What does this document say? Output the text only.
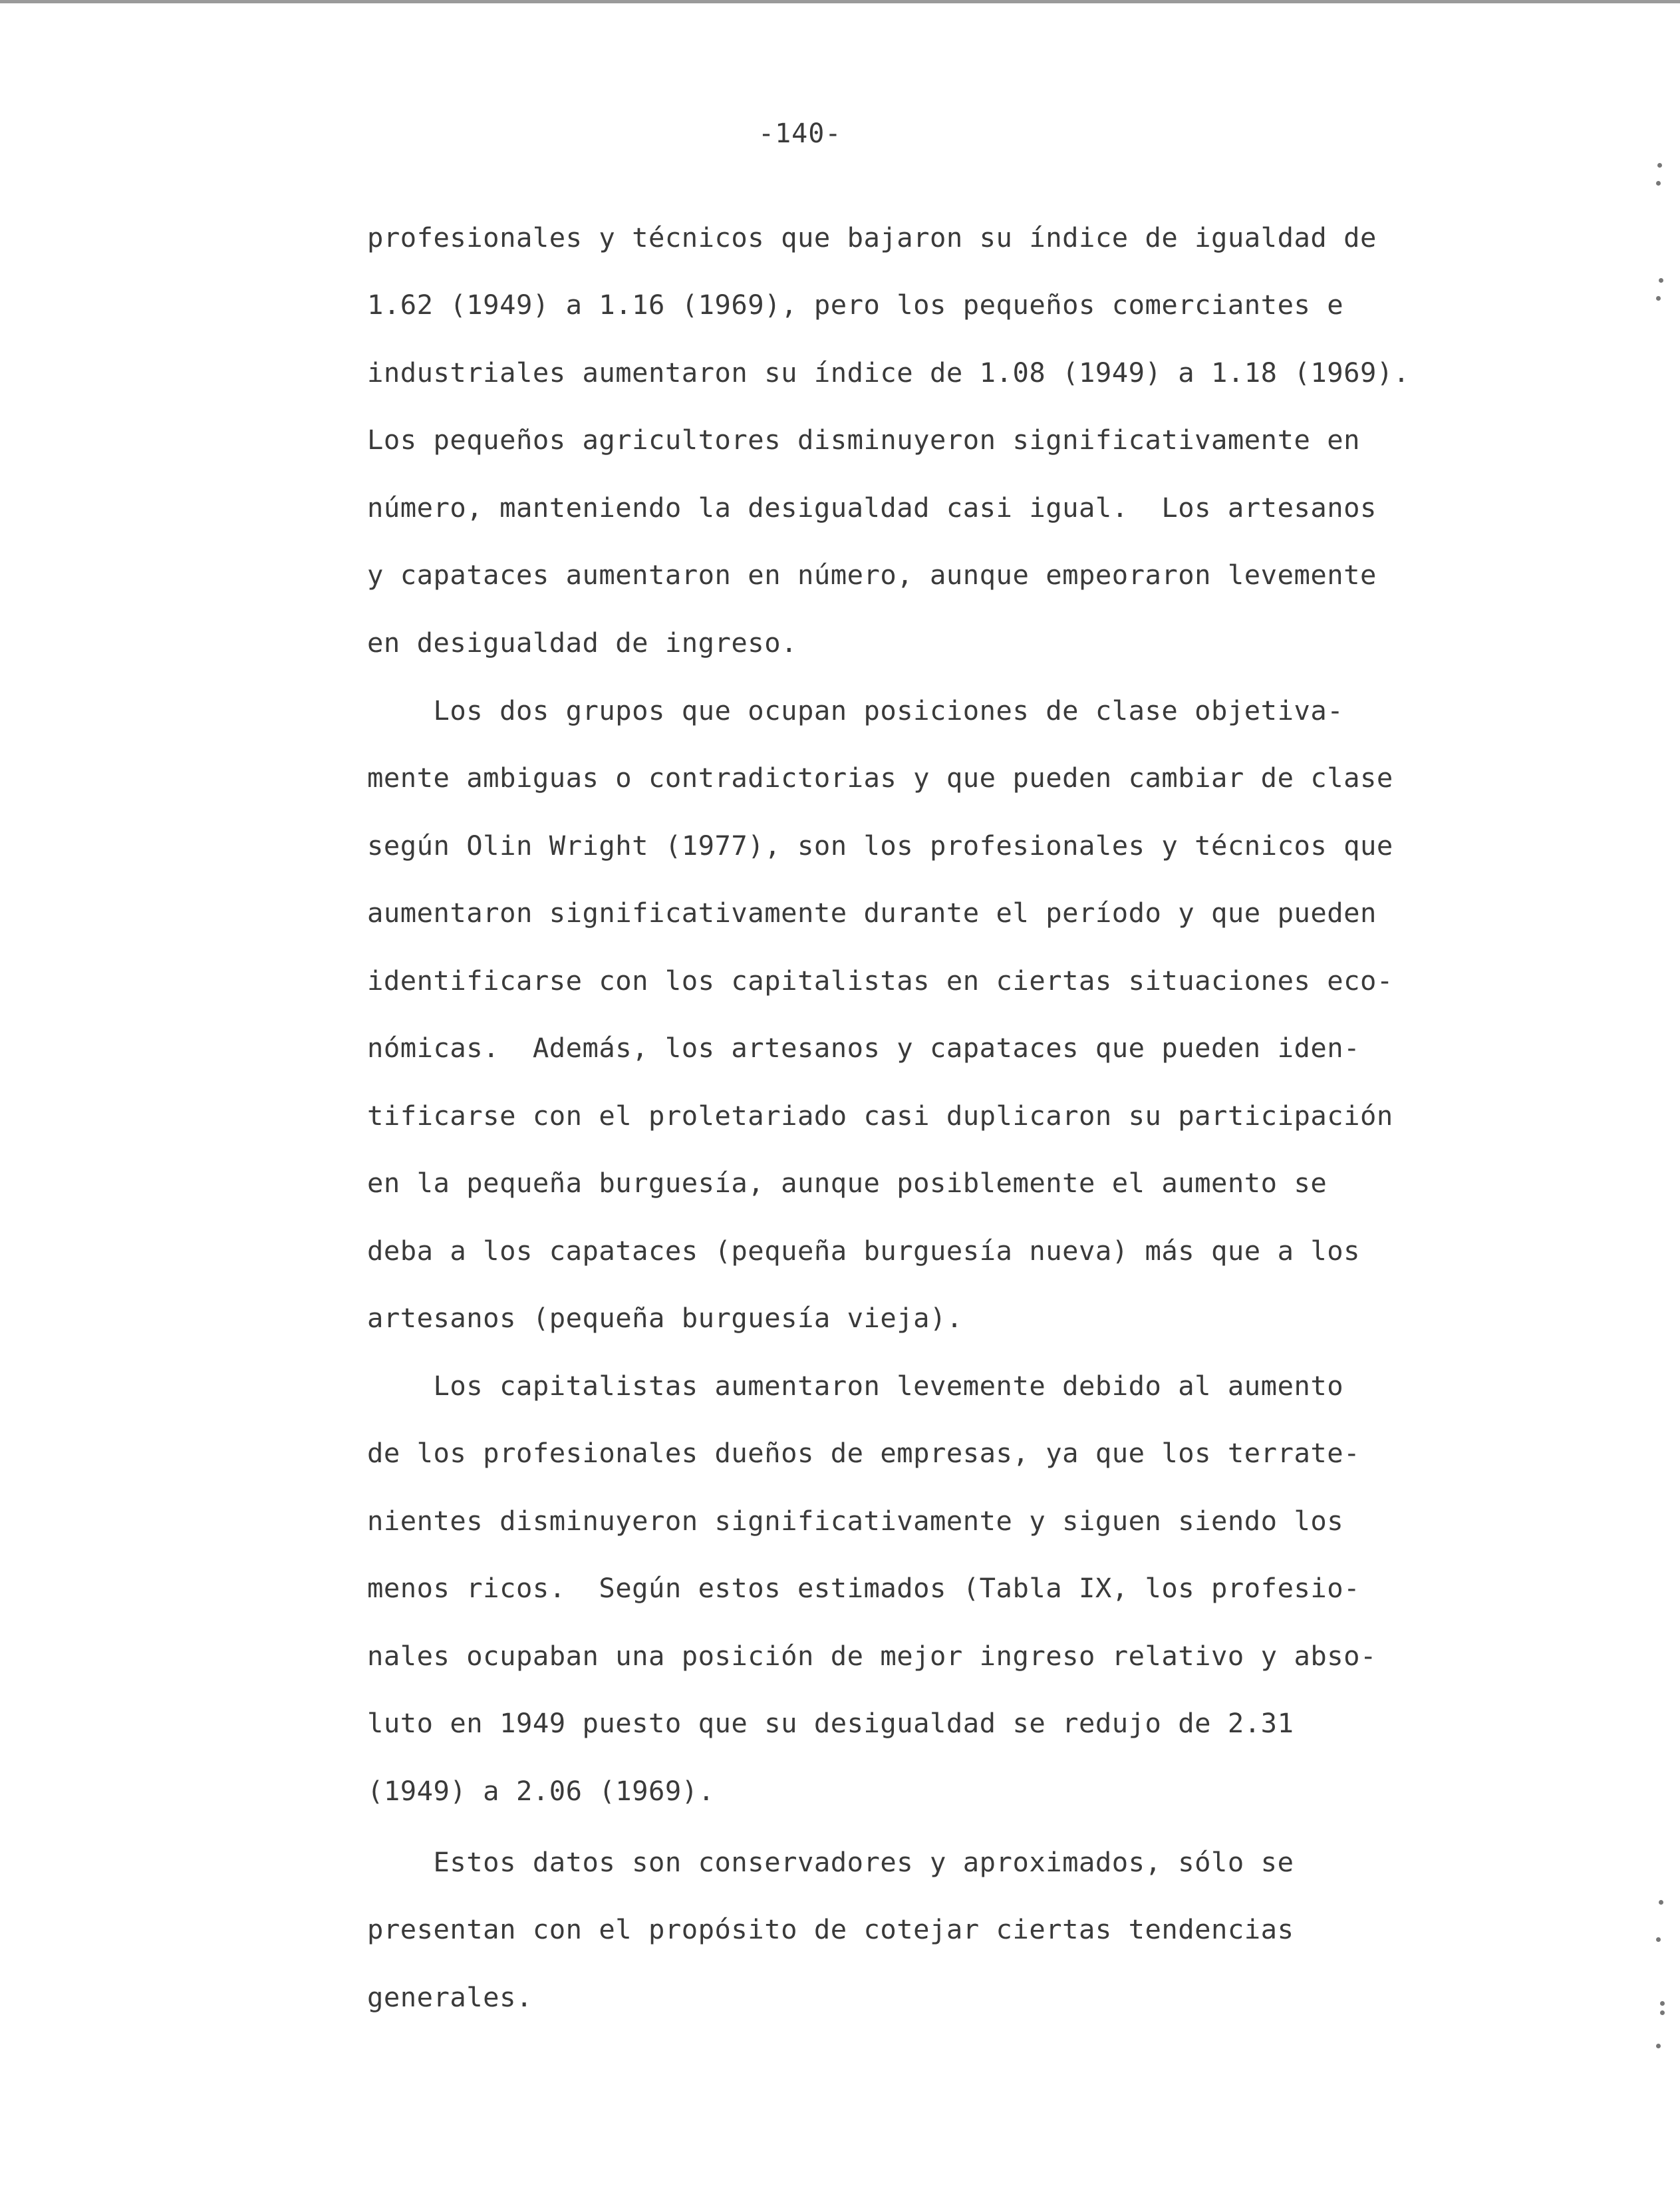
-140-
profesionales y técnicos que bajaron su índice de igualdad de
1.62 (1949) a 1.16 (1969), pero los pequeños comerciantes e
industriales aumentaron su índice de 1.08 (1949) a 1.18 (1969).
Los pequeños agricultores disminuyeron significativamente en
número, manteniendo la desigualdad casi igual.  Los artesanos
y capataces aumentaron en número, aunque empeoraron levemente
en desigualdad de ingreso.
Los dos grupos que ocupan posiciones de clase objetiva-
mente ambiguas o contradictorias y que pueden cambiar de clase
según Olin Wright (1977), son los profesionales y técnicos que
aumentaron significativamente durante el período y que pueden
identificarse con los capitalistas en ciertas situaciones eco-
nómicas.  Además, los artesanos y capataces que pueden iden-
tificarse con el proletariado casi duplicaron su participación
en la pequeña burguesía, aunque posiblemente el aumento se
deba a los capataces (pequeña burguesía nueva) más que a los
artesanos (pequeña burguesía vieja).
Los capitalistas aumentaron levemente debido al aumento
de los profesionales dueños de empresas, ya que los terrate-
nientes disminuyeron significativamente y siguen siendo los
menos ricos.  Según estos estimados (Tabla IX, los profesio-
nales ocupaban una posición de mejor ingreso relativo y abso-
luto en 1949 puesto que su desigualdad se redujo de 2.31
(1949) a 2.06 (1969).
Estos datos son conservadores y aproximados, sólo se
presentan con el propósito de cotejar ciertas tendencias
generales.
